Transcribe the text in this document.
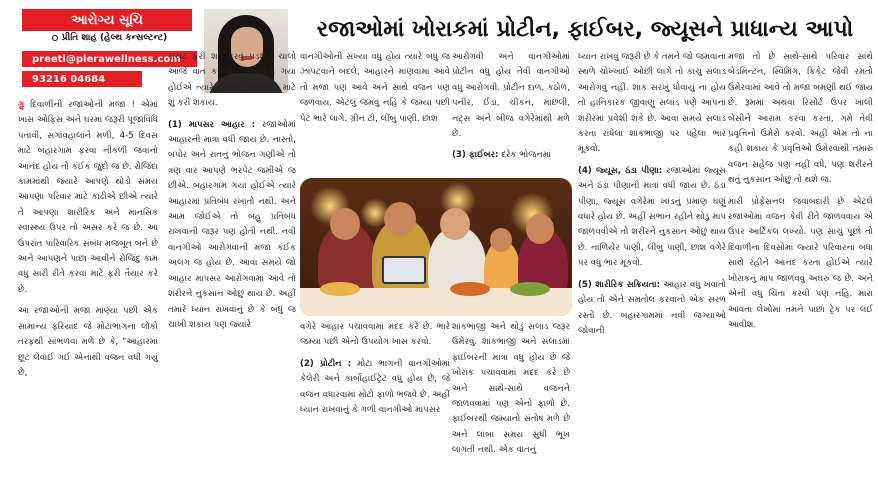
આરોગ્ય સૂચિ
પ્રીતિ શાહ (હેલ્થ કન્સલ્ટન્ટ)
preeti@plerawellness.com
93216 04684
રજાઓમાં ખોરાકમાં પ્રોટીન, ફાઈબર, જ્યૂસને પ્રાધાન્ય આપો

ગ્રુ દિવાળીની રજાઓની મજા ! એમાં ખાસ ઓફિસ અને ઘરમાં જરૂરી પૂજાવિધિ પતાવી, સગાંવહાલાંને મળી, 4-5 દિવસ માટે બહારગામ ફરવા નીકળી જવાનો આનંદ હોય તો કંઈક જુદો જ છે. રોજિંદા કામમાંથી જ્યારે આપણે થોડો સમય આપણા પરિવાર માટે કાઢીએ છીએ ત્યારે તે આપણા શારીરિક અને માનસિક સ્વાસ્થ્ય ઉપર તો અસર કરે જ છે. આ ઉપરાંત પારિવારિક સંબંધ મજબૂત બને છે અને આપણને પાછા આવીને રોજિંદુ કામ વધુ સારી રીતે કરવા માટે ફરી તૈયાર કરે છે.

આ રજાઓની મજા માણ્યા પછી એક સામાન્ય ફરિયાદ જે મોટાભાગના લોકો તરફથી સાંભળવા મળે છે કે, "આહારમાં છૂટ લેવાઈ ગઈ એનાથી વજન વધી ગયું છે,

ડાયટ ફરી શરૂ કરવું પડશે." ચાલો આજે વાત કરીએ, બહારગામ ગયા હોઈએ ત્યારે વજનને જાળવવા માટે શું કરી શકાય.

(1) માપસર આહાર : રજાઓમાં આહારની માત્રા વધી જાય છે. નાસ્તો, બપોર અને રાતનું ભોજન ગણીએ તો ત્રણ વાર આપણે ભરપેટ જમીએ જ છીએ. બહારગામ ગયા હોઈએ ત્યારે આહારમાં પ્રતિબંધ રખાતો નથી. અને આમ જોઈએ તો બહુ પ્રતિબંધ રાખવાની જરૂર પણ હોતી નથી. નવી વાનગીઓ આરોગવાની મજા કંઈક અલગ જ હોય છે. આવા સમયે જો આહાર માપસર આરોગવામાં આવે તો શરીરને નુકસાન ઓછું થાય છે. અહીં તમારે ધ્યાન રાખવાનું છે કે બધું જ ચાખી શકાય પણ જ્યારે

વાનગીઓની સંખ્યા વધુ હોય ત્યારે બધું જ ઝાપટવાને બદલે, આહારને માણવામાં આવે તો મજા પણ આવે અને સાથે વજન પણ જળવાય. એટલું જમવું નહિ કે જમ્યા પછી પેટ ભારે લાગે. ગ્રીન ટી, લીંબુ પાણી, છાશ

આરોગવી અને વાનગીઓમાં પ્રોટીન વધુ હોય તેવી વાનગીઓ વધુ આરોગવી. પ્રોટીન દાળ, કઠોળ, પનીર, ઈંડા, ચીકન, માછલી, નટ્સ અને બીજ વગેરેમાંથી મળે છે.

(3) ફાઈબર: દરેક ભોજનમાં

વગેરે આહાર પચાવવામાં મદદ કરે છે. ભારે જમ્યા પછી એનો ઉપયોગ ખાસ કરવો.

(2) પ્રોટીન : મોટા ભાગની વાનગીઓમાં કેલેરી અને કાર્બોહાઈટ્રેટ વધુ હોય છે, જે વજન વધારવામાં મોટો ફાળો ભજવે છે. અહીં ધ્યાન રાખવાનું કે ગળી વાનગીઓ માપસર

શાકભાજી અને થોડું સલાડ જરૂર ઉમેરવું. શાકભાજી અને સલાડમાં ફાઈબરની માત્રા વધુ હોય છે જે ખોરાક પચાવવામાં મદદ કરે છે અને સાથે-સાથે વજનને જાળવવામાં પણ એનો ફાળો છે. ફાઈબરથી જમ્યાનો સંતોષ મળે છે અને લાંબા સમય સુધી ભૂખ લાગતી નથી. એક વાતનું

ધ્યાન રાખવું જરૂરી છે કે તમને જો જમવાના સ્થળે ચોખ્ખાઈ ઓછી લાગે તો કાચુ સલાડ આરોગવું નહીં. શાક સરખું ધોવાયું ના હોય તો હાનિકારક જીવાણુ સલાડ પણે આપના શરીરમાં પ્રવેશી શકે છે. આવા સમયે સલાડ કરતા રાંધેલા શાકભાજી પર પહેલા ભાર મૂકવો.

(4) જ્યૂસ, ઠંડા પીણા: રજાઓમાં જ્યૂસ અને ઠંડા પીણાની માત્રા વધી જાય છે. ઠંડા પીણા, જ્યૂસ વગેરેમાં ખાંડનું પ્રમાણ ઘણું વધારે હોય છે. અહીં સભાન રહીને થોડું માપ જાળવવીએ તો શરીરને નુકસાન ઓછું થાય છે. નાળિયેર પાણી, લીંબુ પાણી, છાશ વગેરે પર વધુ ભાર મૂકવો.

(5) શારીરિક સક્રિયતા: આહાર વધુ ખવાતો હોય તો એને સમતોલ કરવાનો એક સરળ રસ્તો છે. બહારગામમાં નવી જગ્યાઓ જોવાની

મજા તો છે સાથે-સાથે પરિવાર સાથે બેડમિન્ટન, સ્વિમિંગ, ક્રિકેટ જેવી રમતો ઉમેરવામાં આવે તો મજા બમણી થઈ જાય છે. રૂમમાં અથવા રિસોર્ટ ઉપર ખાલી બેસીને આરામ કરવા કરતા, ગમે તેવી પ્રવૃત્તિનો ઉમેરો કરવો. અહીં એમ તો ના કહી શકાય કે પ્રવૃત્તિઓ ઉમેરવાથી તમારું વજન સહેજ પણ નહીં વધે, પણ શરીરને થતું નુકસાન ઓછું તો થશે જ.

મારી પ્રોફેસનલ જવાબદારી છે એટલે રજાઓમાં વજન કેવી રીતે જાળવવાય એ ઉપર આર્ટિકલ લખ્યો. પણ સાચું પૂછો તો દિવાળીના દિવસોમાં જ્યારે પરિવારના બધા સાથે રહીને આનંદ કરતા હોઈએ ત્યારે ખોરાકનું માપ જાળવવું અઘરું જ છે. અને એની વધુ ચિંતા કરવી પણ નહિ. મારા આવતા લેખોમાં તમને પાછા ટ્રેક પર લઈ આવીશ.
